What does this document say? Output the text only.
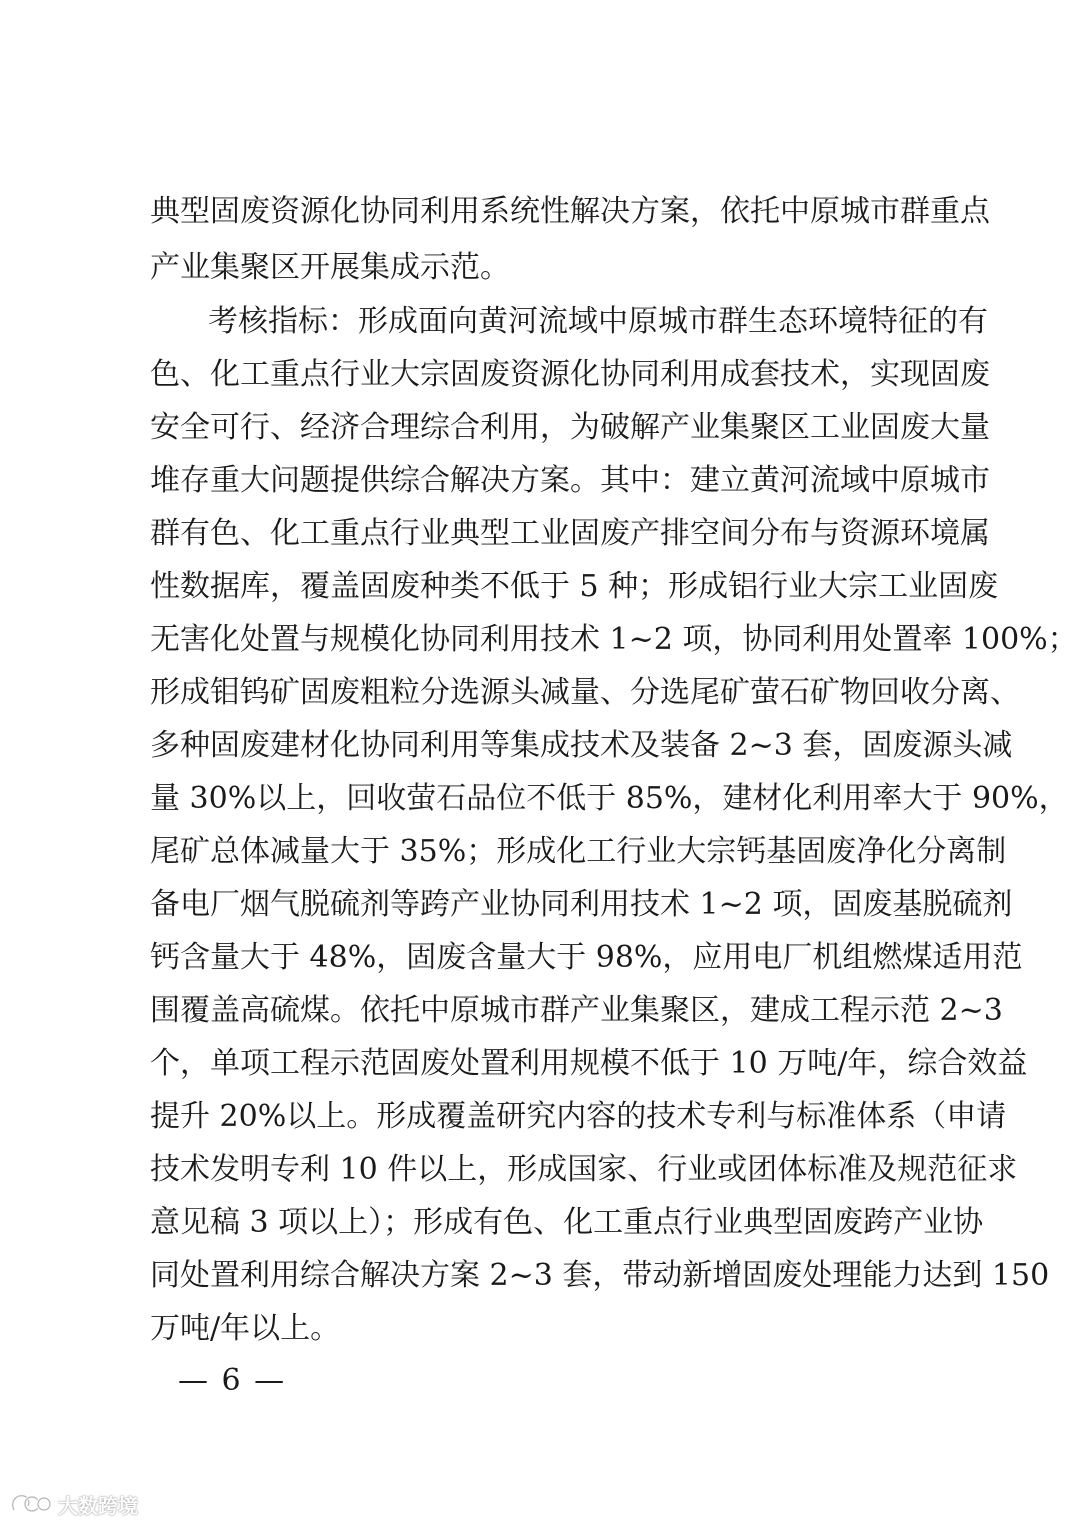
典型固废资源化协同利用系统性解决方案，依托中原城市群重点
产业集聚区开展集成示范。
考核指标：形成面向黄河流域中原城市群生态环境特征的有
色、化工重点行业大宗固废资源化协同利用成套技术，实现固废
安全可行、经济合理综合利用，为破解产业集聚区工业固废大量
堆存重大问题提供综合解决方案。其中：建立黄河流域中原城市
群有色、化工重点行业典型工业固废产排空间分布与资源环境属
性数据库，覆盖固废种类不低于 5 种；形成铝行业大宗工业固废
无害化处置与规模化协同利用技术 1~2 项，协同利用处置率 100%；
形成钼钨矿固废粗粒分选源头减量、分选尾矿萤石矿物回收分离、
多种固废建材化协同利用等集成技术及装备 2~3 套，固废源头减
量 30%以上，回收萤石品位不低于 85%，建材化利用率大于 90%，
尾矿总体减量大于 35%；形成化工行业大宗钙基固废净化分离制
备电厂烟气脱硫剂等跨产业协同利用技术 1~2 项，固废基脱硫剂
钙含量大于 48%，固废含量大于 98%，应用电厂机组燃煤适用范
围覆盖高硫煤。依托中原城市群产业集聚区，建成工程示范 2~3
个，单项工程示范固废处置利用规模不低于 10 万吨/年，综合效益
提升 20%以上。形成覆盖研究内容的技术专利与标准体系（申请
技术发明专利 10 件以上，形成国家、行业或团体标准及规范征求
意见稿 3 项以上）；形成有色、化工重点行业典型固废跨产业协
同处置利用综合解决方案 2~3 套，带动新增固废处理能力达到 150
万吨/年以上。
— 6 —
大数跨境
